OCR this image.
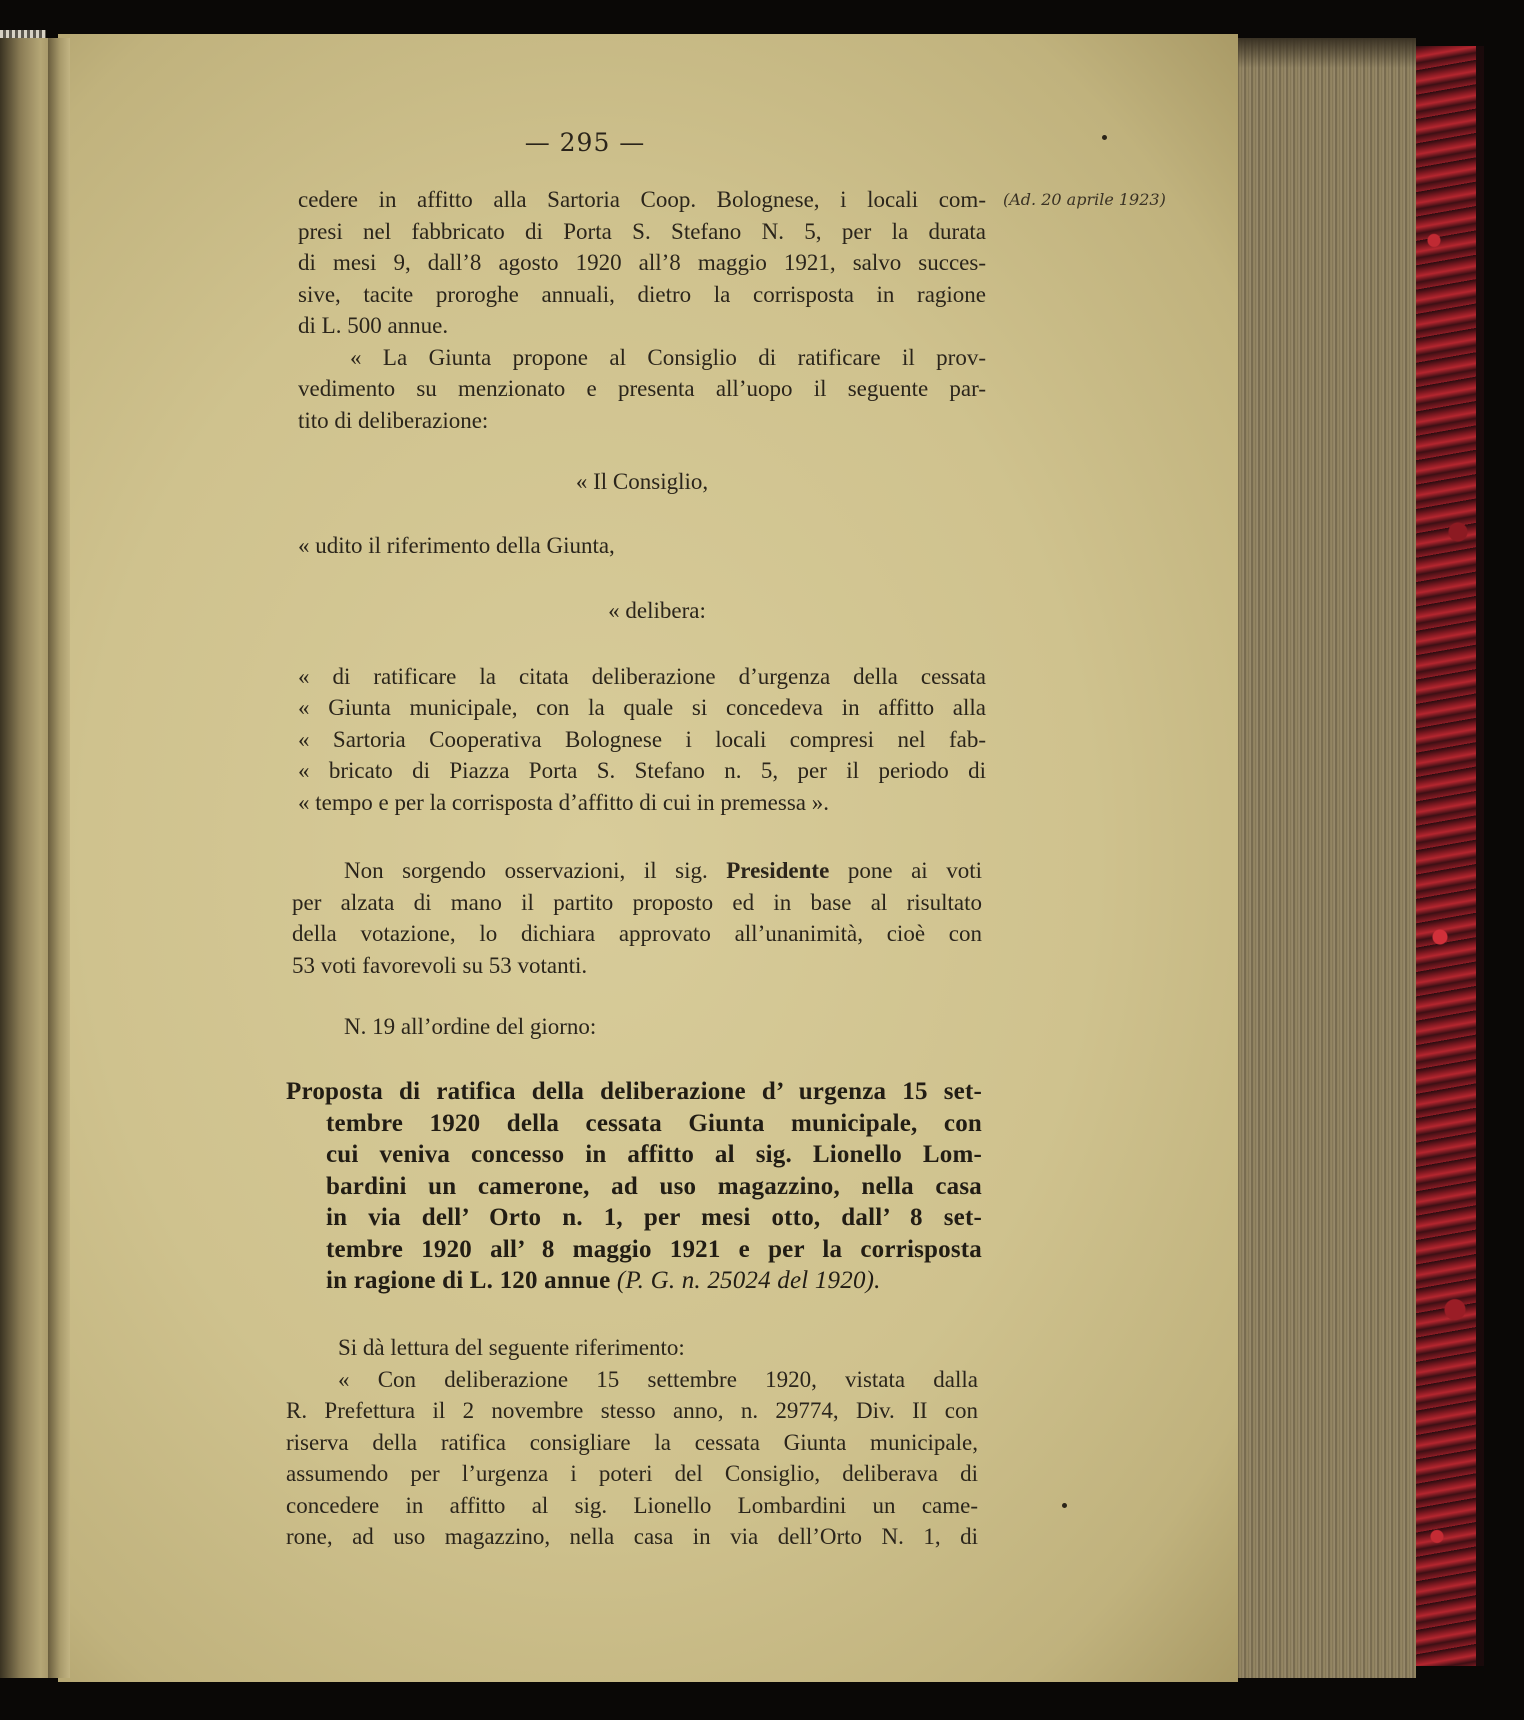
— 295 —
(Ad. 20 aprile 1923)
cedere in affitto alla Sartoria Coop. Bolognese, i locali com-
presi nel fabbricato di Porta S. Stefano N. 5, per la durata
di mesi 9, dall’8 agosto 1920 all’8 maggio 1921, salvo succes-
sive, tacite proroghe annuali, dietro la corrisposta in ragione
di L. 500 annue.
« La Giunta propone al Consiglio di ratificare il prov-
vedimento su menzionato e presenta all’uopo il seguente par-
tito di deliberazione:
« Il Consiglio,
« udito il riferimento della Giunta,
« delibera:
« di ratificare la citata deliberazione d’urgenza della cessata
« Giunta municipale, con la quale si concedeva in affitto alla
« Sartoria Cooperativa Bolognese i locali compresi nel fab-
« bricato di Piazza Porta S. Stefano n. 5, per il periodo di
« tempo e per la corrisposta d’affitto di cui in premessa ».
Non sorgendo osservazioni, il sig. Presidente pone ai voti
per alzata di mano il partito proposto ed in base al risultato
della votazione, lo dichiara approvato all’unanimità, cioè con
53 voti favorevoli su 53 votanti.
N. 19 all’ordine del giorno:
Proposta di ratifica della deliberazione d’ urgenza 15 set-
tembre 1920 della cessata Giunta municipale, con
cui veniva concesso in affitto al sig. Lionello Lom-
bardini un camerone, ad uso magazzino, nella casa
in via dell’ Orto n. 1, per mesi otto, dall’ 8 set-
tembre 1920 all’ 8 maggio 1921 e per la corrisposta
in ragione di L. 120 annue (P. G. n. 25024 del 1920).
Si dà lettura del seguente riferimento:
« Con deliberazione 15 settembre 1920, vistata dalla
R. Prefettura il 2 novembre stesso anno, n. 29774, Div. II con
riserva della ratifica consigliare la cessata Giunta municipale,
assumendo per l’urgenza i poteri del Consiglio, deliberava di
concedere in affitto al sig. Lionello Lombardini un came-
rone, ad uso magazzino, nella casa in via dell’Orto N. 1, di
